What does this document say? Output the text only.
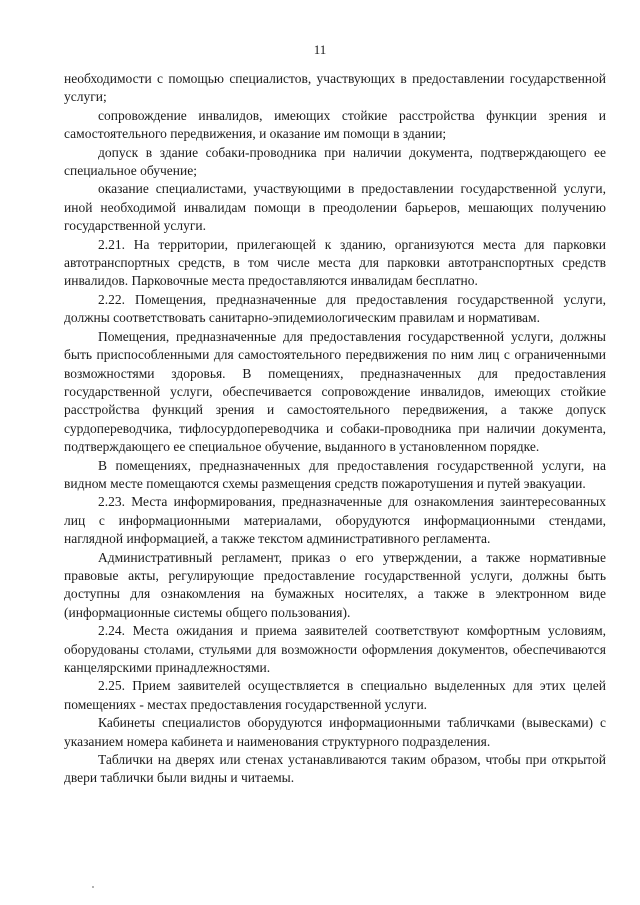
11

необходимости с помощью специалистов, участвующих в предоставлении государственной услуги;

сопровождение инвалидов, имеющих стойкие расстройства функции зрения и самостоятельного передвижения, и оказание им помощи в здании;

допуск в здание собаки-проводника при наличии документа, подтверждающего ее специальное обучение;

оказание специалистами, участвующими в предоставлении государственной услуги, иной необходимой инвалидам помощи в преодолении барьеров, мешающих получению государственной услуги.

2.21. На территории, прилегающей к зданию, организуются места для парковки автотранспортных средств, в том числе места для парковки автотранспортных средств инвалидов. Парковочные места предоставляются инвалидам бесплатно.

2.22. Помещения, предназначенные для предоставления государственной услуги, должны соответствовать санитарно-эпидемиологическим правилам и нормативам.

Помещения, предназначенные для предоставления государственной услуги, должны быть приспособленными для самостоятельного передвижения по ним лиц с ограниченными возможностями здоровья. В помещениях, предназначенных для предоставления государственной услуги, обеспечивается сопровождение инвалидов, имеющих стойкие расстройства функций зрения и самостоятельного передвижения, а также допуск сурдопереводчика, тифлосурдопереводчика и собаки-проводника при наличии документа, подтверждающего ее специальное обучение, выданного в установленном порядке.

В помещениях, предназначенных для предоставления государственной услуги, на видном месте помещаются схемы размещения средств пожаротушения и путей эвакуации.

2.23. Места информирования, предназначенные для ознакомления заинтересованных лиц с информационными материалами, оборудуются информационными стендами, наглядной информацией, а также текстом административного регламента.

Административный регламент, приказ о его утверждении, а также нормативные правовые акты, регулирующие предоставление государственной услуги, должны быть доступны для ознакомления на бумажных носителях, а также в электронном виде (информационные системы общего пользования).

2.24. Места ожидания и приема заявителей соответствуют комфортным условиям, оборудованы столами, стульями для возможности оформления документов, обеспечиваются канцелярскими принадлежностями.

2.25. Прием заявителей осуществляется в специально выделенных для этих целей помещениях - местах предоставления государственной услуги.

Кабинеты специалистов оборудуются информационными табличками (вывесками) с указанием номера кабинета и наименования структурного подразделения.

Таблички на дверях или стенах устанавливаются таким образом, чтобы при открытой двери таблички были видны и читаемы.
